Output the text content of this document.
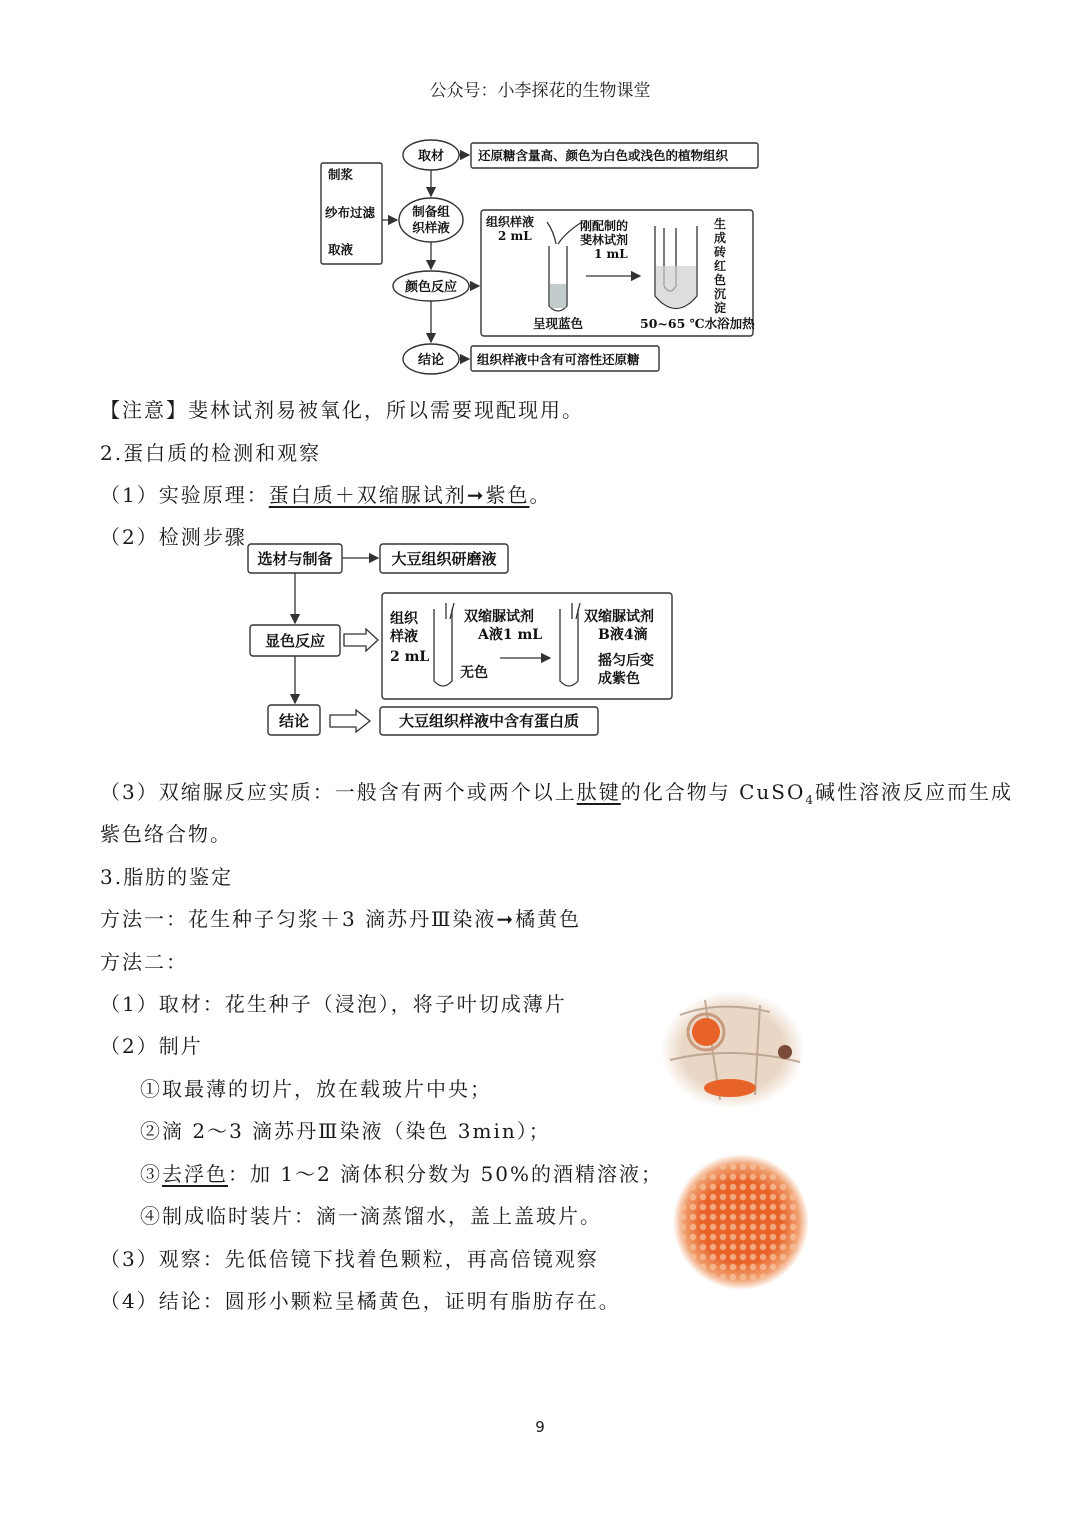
公众号：小李探花的生物课堂
取材	还原糖含量高、颜色为白色或浅色的植物组织
制浆
纱布过滤
取液
制备组
织样液
颜色反应
组织样液
2 mL
刚配制的
斐林试剂
1 mL
生
成
砖
红
色
沉
淀
呈现蓝色	50~65 ℃水浴加热
结论	组织样液中含有可溶性还原糖
【注意】斐林试剂易被氧化，所以需要现配现用。
2.蛋白质的检测和观察
（1）实验原理：蛋白质＋双缩脲试剂➞紫色。
（2）检测步骤
选材与制备	大豆组织研磨液
显色反应
组织
样液
2 mL
双缩脲试剂
A液1 mL
无色
双缩脲试剂
B液4滴
摇匀后变
成紫色
结论	大豆组织样液中含有蛋白质
（3）双缩脲反应实质：一般含有两个或两个以上肽键的化合物与 CuSO$_4$碱性溶液反应而生成
紫色络合物。
3.脂肪的鉴定
方法一：花生种子匀浆＋3 滴苏丹Ⅲ染液➞橘黄色
方法二：
（1）取材：花生种子（浸泡），将子叶切成薄片
（2）制片
①取最薄的切片，放在载玻片中央；
②滴 2～3 滴苏丹Ⅲ染液（染色 3min）；
③去浮色：加 1～2 滴体积分数为 50%的酒精溶液；
④制成临时装片：滴一滴蒸馏水，盖上盖玻片。
（3）观察：先低倍镜下找着色颗粒，再高倍镜观察
（4）结论：圆形小颗粒呈橘黄色，证明有脂肪存在。
9
